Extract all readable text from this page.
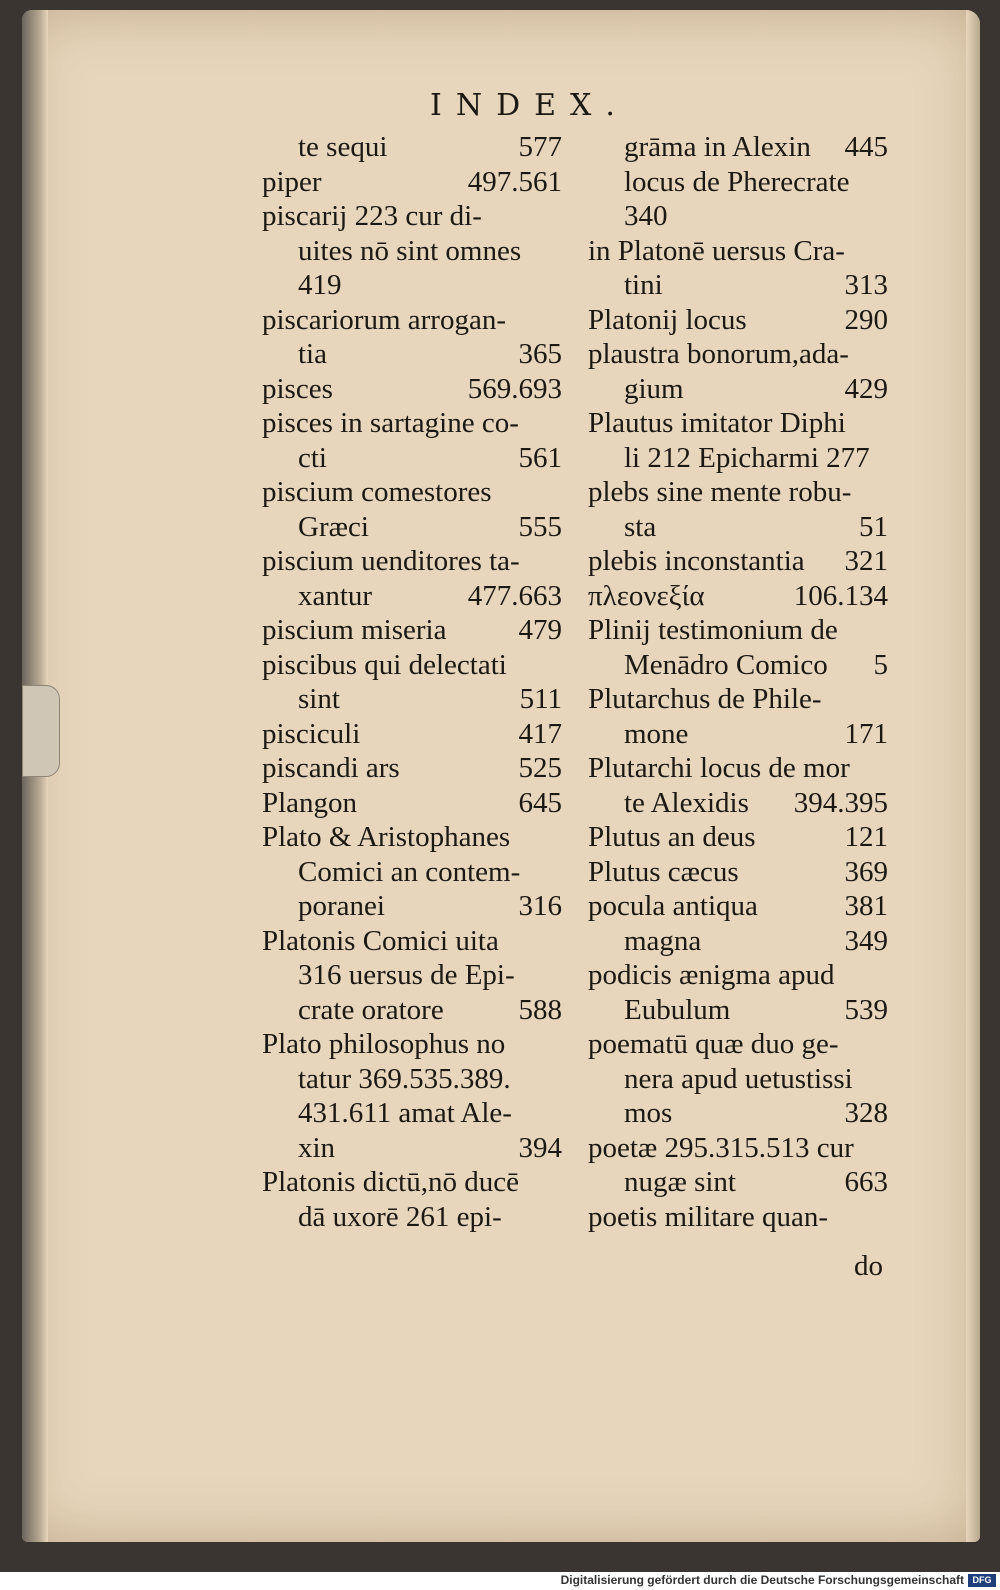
INDEX.
te sequi	577
piper	497.561
piscarij 223 cur di-
uites nō sint omnes
419
piscariorum arrogan-
tia	365
pisces	569.693
pisces in sartagine co-
cti	561
piscium comestores
Græci	555
piscium uenditores ta-
xantur	477.663
piscium miseria 479
piscibus qui delectati
sint	511
pisciculi	417
piscandi ars	525
Plangon	645
Plato & Aristophanes
Comici an contem-
poranei	316
Platonis Comici uita
316 uersus de Epi-
crate oratore	588
Plato philosophus no
tatur 369.535.389.
431.611 amat Ale-
xin	394
Platonis dictū,nō ducē
dā uxorē 261 epi-
grāma in Alexin 445
locus de Pherecrate
340
in Platonē uersus Cra-
tini	313
Platonij locus	290
plaustra bonorum,ada-
gium	429
Plautus imitator Diphi
li 212 Epicharmi 277
plebs sine mente robu-
sta	51
plebis inconstantia 321
πλεονεξία	106.134
Plinij testimonium de
Menādro Comico 5
Plutarchus de Phile-
mone	171
Plutarchi locus de mor
te Alexidis 394.395
Plutus an deus	121
Plutus cæcus	369
pocula antiqua	381
magna	349
podicis ænigma apud
Eubulum	539
poematū quæ duo ge-
nera apud uetustissi
mos	328
poetæ 295.315.513 cur
nugæ sint	663
poetis militare quan-
do
Digitalisierung gefördert durch die Deutsche Forschungsgemeinschaft DFG
